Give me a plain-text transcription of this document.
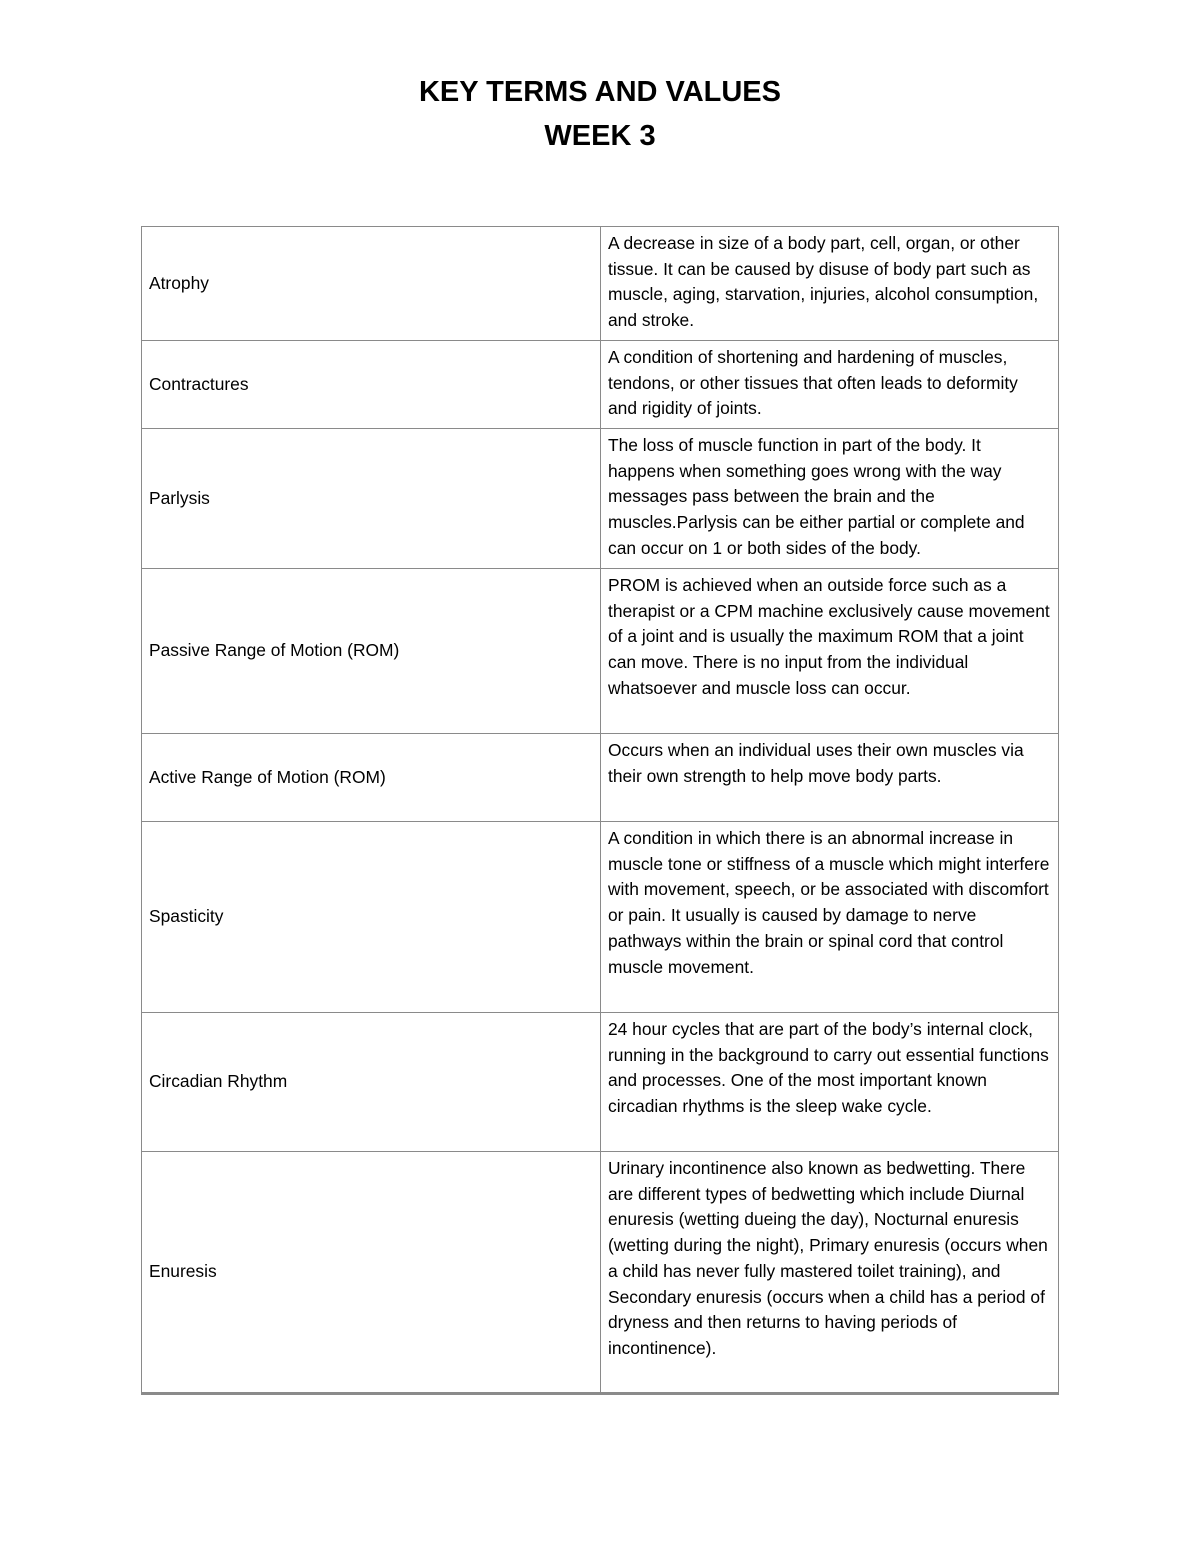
KEY TERMS AND VALUES
WEEK 3
Atrophy	A decrease in size of a body part, cell, organ, or other tissue. It can be caused by disuse of body part such as muscle, aging, starvation, injuries, alcohol consumption, and stroke.
Contractures	A condition of shortening and hardening of muscles, tendons, or other tissues that often leads to deformity and rigidity of joints.
Parlysis	The loss of muscle function in part of the body. It happens when something goes wrong with the way messages pass between the brain and the muscles.Parlysis can be either partial or complete and can occur on 1 or both sides of the body.
Passive Range of Motion (ROM)	PROM is achieved when an outside force such as a therapist or a CPM machine exclusively cause movement of a joint and is usually the maximum ROM that a joint can move. There is no input from the individual whatsoever and muscle loss can occur.
Active Range of Motion (ROM)	Occurs when an individual uses their own muscles via their own strength to help move body parts.
Spasticity	A condition in which there is an abnormal increase in muscle tone or stiffness of a muscle which might interfere with movement, speech, or be associated with discomfort or pain. It usually is caused by damage to nerve pathways within the brain or spinal cord that control muscle movement.
Circadian Rhythm	24 hour cycles that are part of the body’s internal clock, running in the background to carry out essential functions and processes. One of the most important known circadian rhythms is the sleep wake cycle.
Enuresis	Urinary incontinence also known as bedwetting. There are different types of bedwetting which include Diurnal enuresis (wetting dueing the day), Nocturnal enuresis (wetting during the night), Primary enuresis (occurs when a child has never fully mastered toilet training), and Secondary enuresis (occurs when a child has a period of dryness and then returns to having periods of incontinence).
